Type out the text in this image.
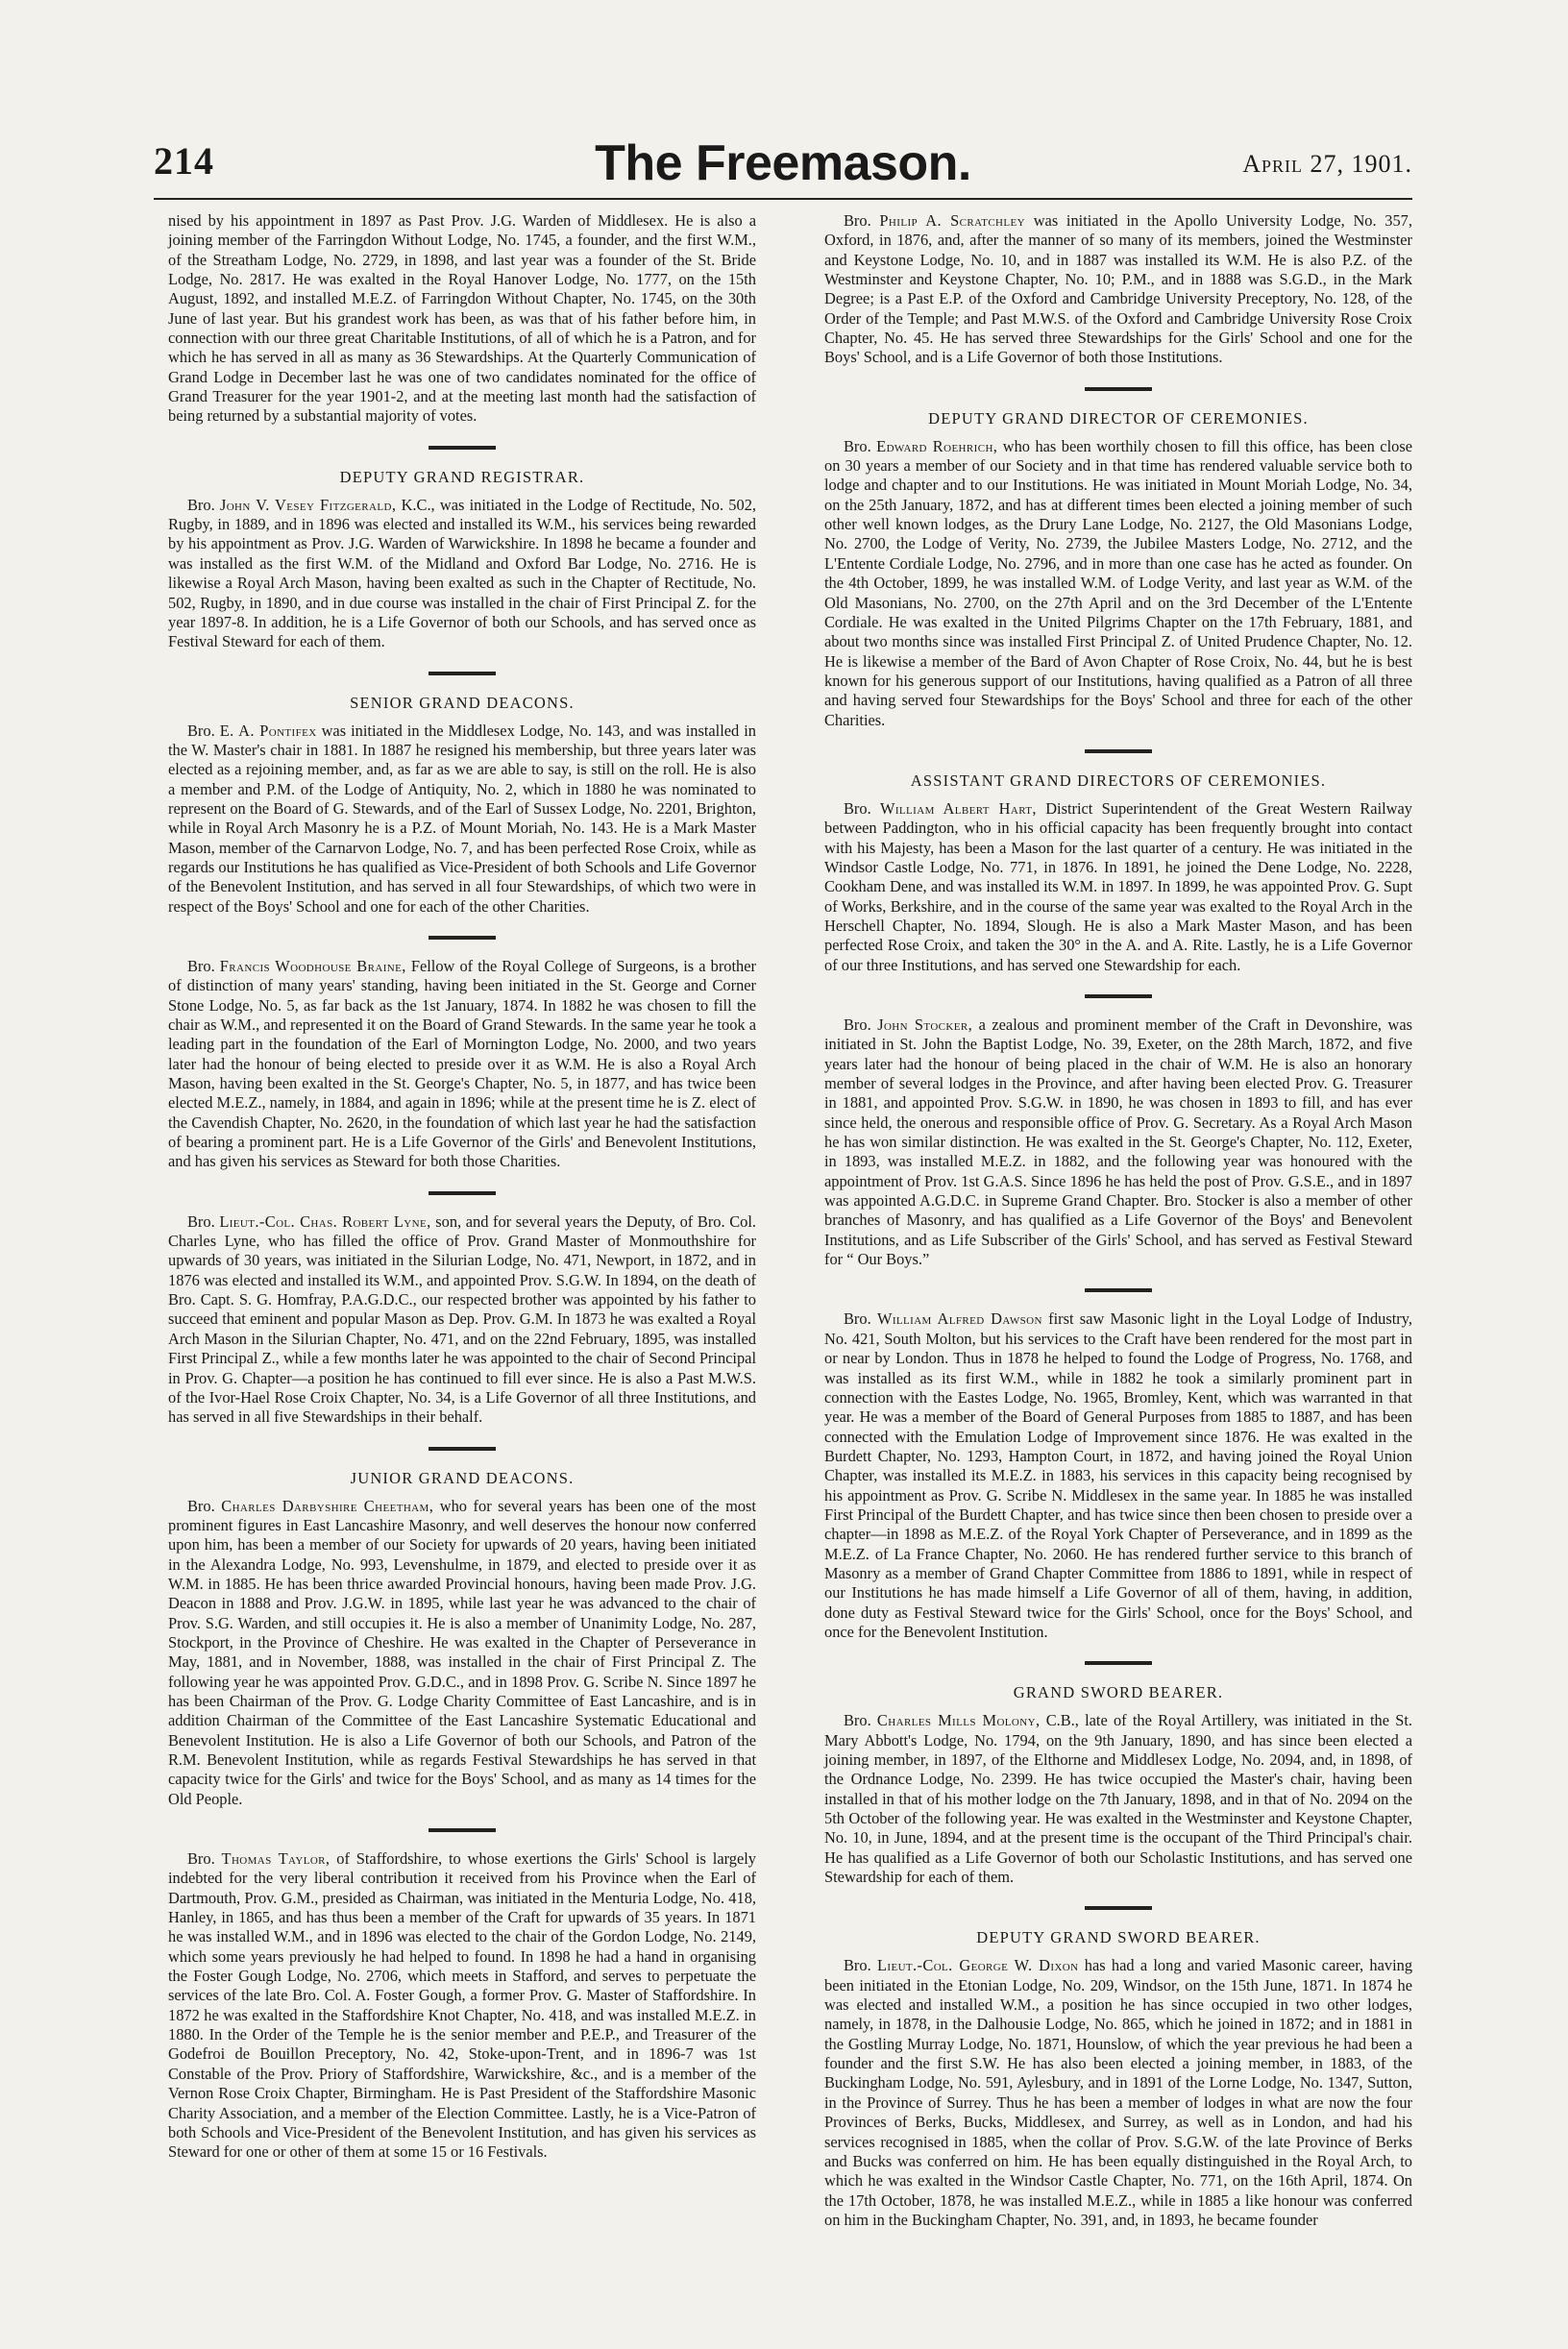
214	The Freemason.	April 27, 1901.

nised by his appointment in 1897 as Past Prov. J.G. Warden of Middlesex. He is also a joining member of the Farringdon Without Lodge, No. 1745, a founder, and the first W.M., of the Streatham Lodge, No. 2729, in 1898, and last year was a founder of the St. Bride Lodge, No. 2817. He was exalted in the Royal Hanover Lodge, No. 1777, on the 15th August, 1892, and installed M.E.Z. of Farringdon Without Chapter, No. 1745, on the 30th June of last year. But his grandest work has been, as was that of his father before him, in connection with our three great Charitable Institutions, of all of which he is a Patron, and for which he has served in all as many as 36 Stewardships. At the Quarterly Communication of Grand Lodge in December last he was one of two candidates nominated for the office of Grand Treasurer for the year 1901-2, and at the meeting last month had the satisfaction of being returned by a substantial majority of votes.

DEPUTY GRAND REGISTRAR.

Bro. John V. Vesey Fitzgerald, K.C., was initiated in the Lodge of Rectitude, No. 502, Rugby, in 1889, and in 1896 was elected and installed its W.M., his services being rewarded by his appointment as Prov. J.G. Warden of Warwickshire. In 1898 he became a founder and was installed as the first W.M. of the Midland and Oxford Bar Lodge, No. 2716. He is likewise a Royal Arch Mason, having been exalted as such in the Chapter of Rectitude, No. 502, Rugby, in 1890, and in due course was installed in the chair of First Principal Z. for the year 1897-8. In addition, he is a Life Governor of both our Schools, and has served once as Festival Steward for each of them.

SENIOR GRAND DEACONS.

Bro. E. A. Pontifex was initiated in the Middlesex Lodge, No. 143, and was installed in the W. Master's chair in 1881. In 1887 he resigned his membership, but three years later was elected as a rejoining member, and, as far as we are able to say, is still on the roll. He is also a member and P.M. of the Lodge of Antiquity, No. 2, which in 1880 he was nominated to represent on the Board of G. Stewards, and of the Earl of Sussex Lodge, No. 2201, Brighton, while in Royal Arch Masonry he is a P.Z. of Mount Moriah, No. 143. He is a Mark Master Mason, member of the Carnarvon Lodge, No. 7, and has been perfected Rose Croix, while as regards our Institutions he has qualified as Vice-President of both Schools and Life Governor of the Benevolent Institution, and has served in all four Stewardships, of which two were in respect of the Boys' School and one for each of the other Charities.

Bro. Francis Woodhouse Braine, Fellow of the Royal College of Surgeons, is a brother of distinction of many years' standing, having been initiated in the St. George and Corner Stone Lodge, No. 5, as far back as the 1st January, 1874. In 1882 he was chosen to fill the chair as W.M., and represented it on the Board of Grand Stewards. In the same year he took a leading part in the foundation of the Earl of Mornington Lodge, No. 2000, and two years later had the honour of being elected to preside over it as W.M. He is also a Royal Arch Mason, having been exalted in the St. George's Chapter, No. 5, in 1877, and has twice been elected M.E.Z., namely, in 1884, and again in 1896; while at the present time he is Z. elect of the Cavendish Chapter, No. 2620, in the foundation of which last year he had the satisfaction of bearing a prominent part. He is a Life Governor of the Girls' and Benevolent Institutions, and has given his services as Steward for both those Charities.

Bro. Lieut.-Col. Chas. Robert Lyne, son, and for several years the Deputy, of Bro. Col. Charles Lyne, who has filled the office of Prov. Grand Master of Monmouthshire for upwards of 30 years, was initiated in the Silurian Lodge, No. 471, Newport, in 1872, and in 1876 was elected and installed its W.M., and appointed Prov. S.G.W. In 1894, on the death of Bro. Capt. S. G. Homfray, P.A.G.D.C., our respected brother was appointed by his father to succeed that eminent and popular Mason as Dep. Prov. G.M. In 1873 he was exalted a Royal Arch Mason in the Silurian Chapter, No. 471, and on the 22nd February, 1895, was installed First Principal Z., while a few months later he was appointed to the chair of Second Principal in Prov. G. Chapter—a position he has continued to fill ever since. He is also a Past M.W.S. of the Ivor-Hael Rose Croix Chapter, No. 34, is a Life Governor of all three Institutions, and has served in all five Stewardships in their behalf.

JUNIOR GRAND DEACONS.

Bro. Charles Darbyshire Cheetham, who for several years has been one of the most prominent figures in East Lancashire Masonry, and well deserves the honour now conferred upon him, has been a member of our Society for upwards of 20 years, having been initiated in the Alexandra Lodge, No. 993, Levenshulme, in 1879, and elected to preside over it as W.M. in 1885. He has been thrice awarded Provincial honours, having been made Prov. J.G. Deacon in 1888 and Prov. J.G.W. in 1895, while last year he was advanced to the chair of Prov. S.G. Warden, and still occupies it. He is also a member of Unanimity Lodge, No. 287, Stockport, in the Province of Cheshire. He was exalted in the Chapter of Perseverance in May, 1881, and in November, 1888, was installed in the chair of First Principal Z. The following year he was appointed Prov. G.D.C., and in 1898 Prov. G. Scribe N. Since 1897 he has been Chairman of the Prov. G. Lodge Charity Committee of East Lancashire, and is in addition Chairman of the Committee of the East Lancashire Systematic Educational and Benevolent Institution. He is also a Life Governor of both our Schools, and Patron of the R.M. Benevolent Institution, while as regards Festival Stewardships he has served in that capacity twice for the Girls' and twice for the Boys' School, and as many as 14 times for the Old People.

Bro. Thomas Taylor, of Staffordshire, to whose exertions the Girls' School is largely indebted for the very liberal contribution it received from his Province when the Earl of Dartmouth, Prov. G.M., presided as Chairman, was initiated in the Menturia Lodge, No. 418, Hanley, in 1865, and has thus been a member of the Craft for upwards of 35 years. In 1871 he was installed W.M., and in 1896 was elected to the chair of the Gordon Lodge, No. 2149, which some years previously he had helped to found. In 1898 he had a hand in organising the Foster Gough Lodge, No. 2706, which meets in Stafford, and serves to perpetuate the services of the late Bro. Col. A. Foster Gough, a former Prov. G. Master of Staffordshire. In 1872 he was exalted in the Staffordshire Knot Chapter, No. 418, and was installed M.E.Z. in 1880. In the Order of the Temple he is the senior member and P.E.P., and Treasurer of the Godefroi de Bouillon Preceptory, No. 42, Stoke-upon-Trent, and in 1896-7 was 1st Constable of the Prov. Priory of Staffordshire, Warwickshire, &c., and is a member of the Vernon Rose Croix Chapter, Birmingham. He is Past President of the Staffordshire Masonic Charity Association, and a member of the Election Committee. Lastly, he is a Vice-Patron of both Schools and Vice-President of the Benevolent Institution, and has given his services as Steward for one or other of them at some 15 or 16 Festivals.

Bro. Philip A. Scratchley was initiated in the Apollo University Lodge, No. 357, Oxford, in 1876, and, after the manner of so many of its members, joined the Westminster and Keystone Lodge, No. 10, and in 1887 was installed its W.M. He is also P.Z. of the Westminster and Keystone Chapter, No. 10; P.M., and in 1888 was S.G.D., in the Mark Degree; is a Past E.P. of the Oxford and Cambridge University Preceptory, No. 128, of the Order of the Temple; and Past M.W.S. of the Oxford and Cambridge University Rose Croix Chapter, No. 45. He has served three Stewardships for the Girls' School and one for the Boys' School, and is a Life Governor of both those Institutions.

DEPUTY GRAND DIRECTOR OF CEREMONIES.

Bro. Edward Roehrich, who has been worthily chosen to fill this office, has been close on 30 years a member of our Society and in that time has rendered valuable service both to lodge and chapter and to our Institutions. He was initiated in Mount Moriah Lodge, No. 34, on the 25th January, 1872, and has at different times been elected a joining member of such other well known lodges, as the Drury Lane Lodge, No. 2127, the Old Masonians Lodge, No. 2700, the Lodge of Verity, No. 2739, the Jubilee Masters Lodge, No. 2712, and the L'Entente Cordiale Lodge, No. 2796, and in more than one case has he acted as founder. On the 4th October, 1899, he was installed W.M. of Lodge Verity, and last year as W.M. of the Old Masonians, No. 2700, on the 27th April and on the 3rd December of the L'Entente Cordiale. He was exalted in the United Pilgrims Chapter on the 17th February, 1881, and about two months since was installed First Principal Z. of United Prudence Chapter, No. 12. He is likewise a member of the Bard of Avon Chapter of Rose Croix, No. 44, but he is best known for his generous support of our Institutions, having qualified as a Patron of all three and having served four Stewardships for the Boys' School and three for each of the other Charities.

ASSISTANT GRAND DIRECTORS OF CEREMONIES.

Bro. William Albert Hart, District Superintendent of the Great Western Railway between Paddington, who in his official capacity has been frequently brought into contact with his Majesty, has been a Mason for the last quarter of a century. He was initiated in the Windsor Castle Lodge, No. 771, in 1876. In 1891, he joined the Dene Lodge, No. 2228, Cookham Dene, and was installed its W.M. in 1897. In 1899, he was appointed Prov. G. Supt of Works, Berkshire, and in the course of the same year was exalted to the Royal Arch in the Herschell Chapter, No. 1894, Slough. He is also a Mark Master Mason, and has been perfected Rose Croix, and taken the 30° in the A. and A. Rite. Lastly, he is a Life Governor of our three Institutions, and has served one Stewardship for each.

Bro. John Stocker, a zealous and prominent member of the Craft in Devonshire, was initiated in St. John the Baptist Lodge, No. 39, Exeter, on the 28th March, 1872, and five years later had the honour of being placed in the chair of W.M. He is also an honorary member of several lodges in the Province, and after having been elected Prov. G. Treasurer in 1881, and appointed Prov. S.G.W. in 1890, he was chosen in 1893 to fill, and has ever since held, the onerous and responsible office of Prov. G. Secretary. As a Royal Arch Mason he has won similar distinction. He was exalted in the St. George's Chapter, No. 112, Exeter, in 1893, was installed M.E.Z. in 1882, and the following year was honoured with the appointment of Prov. 1st G.A.S. Since 1896 he has held the post of Prov. G.S.E., and in 1897 was appointed A.G.D.C. in Supreme Grand Chapter. Bro. Stocker is also a member of other branches of Masonry, and has qualified as a Life Governor of the Boys' and Benevolent Institutions, and as Life Subscriber of the Girls' School, and has served as Festival Steward for “ Our Boys.”

Bro. William Alfred Dawson first saw Masonic light in the Loyal Lodge of Industry, No. 421, South Molton, but his services to the Craft have been rendered for the most part in or near by London. Thus in 1878 he helped to found the Lodge of Progress, No. 1768, and was installed as its first W.M., while in 1882 he took a similarly prominent part in connection with the Eastes Lodge, No. 1965, Bromley, Kent, which was warranted in that year. He was a member of the Board of General Purposes from 1885 to 1887, and has been connected with the Emulation Lodge of Improvement since 1876. He was exalted in the Burdett Chapter, No. 1293, Hampton Court, in 1872, and having joined the Royal Union Chapter, was installed its M.E.Z. in 1883, his services in this capacity being recognised by his appointment as Prov. G. Scribe N. Middlesex in the same year. In 1885 he was installed First Principal of the Burdett Chapter, and has twice since then been chosen to preside over a chapter—in 1898 as M.E.Z. of the Royal York Chapter of Perseverance, and in 1899 as the M.E.Z. of La France Chapter, No. 2060. He has rendered further service to this branch of Masonry as a member of Grand Chapter Committee from 1886 to 1891, while in respect of our Institutions he has made himself a Life Governor of all of them, having, in addition, done duty as Festival Steward twice for the Girls' School, once for the Boys' School, and once for the Benevolent Institution.

GRAND SWORD BEARER.

Bro. Charles Mills Molony, C.B., late of the Royal Artillery, was initiated in the St. Mary Abbott's Lodge, No. 1794, on the 9th January, 1890, and has since been elected a joining member, in 1897, of the Elthorne and Middlesex Lodge, No. 2094, and, in 1898, of the Ordnance Lodge, No. 2399. He has twice occupied the Master's chair, having been installed in that of his mother lodge on the 7th January, 1898, and in that of No. 2094 on the 5th October of the following year. He was exalted in the Westminster and Keystone Chapter, No. 10, in June, 1894, and at the present time is the occupant of the Third Principal's chair. He has qualified as a Life Governor of both our Scholastic Institutions, and has served one Stewardship for each of them.

DEPUTY GRAND SWORD BEARER.

Bro. Lieut.-Col. George W. Dixon has had a long and varied Masonic career, having been initiated in the Etonian Lodge, No. 209, Windsor, on the 15th June, 1871. In 1874 he was elected and installed W.M., a position he has since occupied in two other lodges, namely, in 1878, in the Dalhousie Lodge, No. 865, which he joined in 1872; and in 1881 in the Gostling Murray Lodge, No. 1871, Hounslow, of which the year previous he had been a founder and the first S.W. He has also been elected a joining member, in 1883, of the Buckingham Lodge, No. 591, Aylesbury, and in 1891 of the Lorne Lodge, No. 1347, Sutton, in the Province of Surrey. Thus he has been a member of lodges in what are now the four Provinces of Berks, Bucks, Middlesex, and Surrey, as well as in London, and had his services recognised in 1885, when the collar of Prov. S.G.W. of the late Province of Berks and Bucks was conferred on him. He has been equally distinguished in the Royal Arch, to which he was exalted in the Windsor Castle Chapter, No. 771, on the 16th April, 1874. On the 17th October, 1878, he was installed M.E.Z., while in 1885 a like honour was conferred on him in the Buckingham Chapter, No. 391, and, in 1893, he became founder
